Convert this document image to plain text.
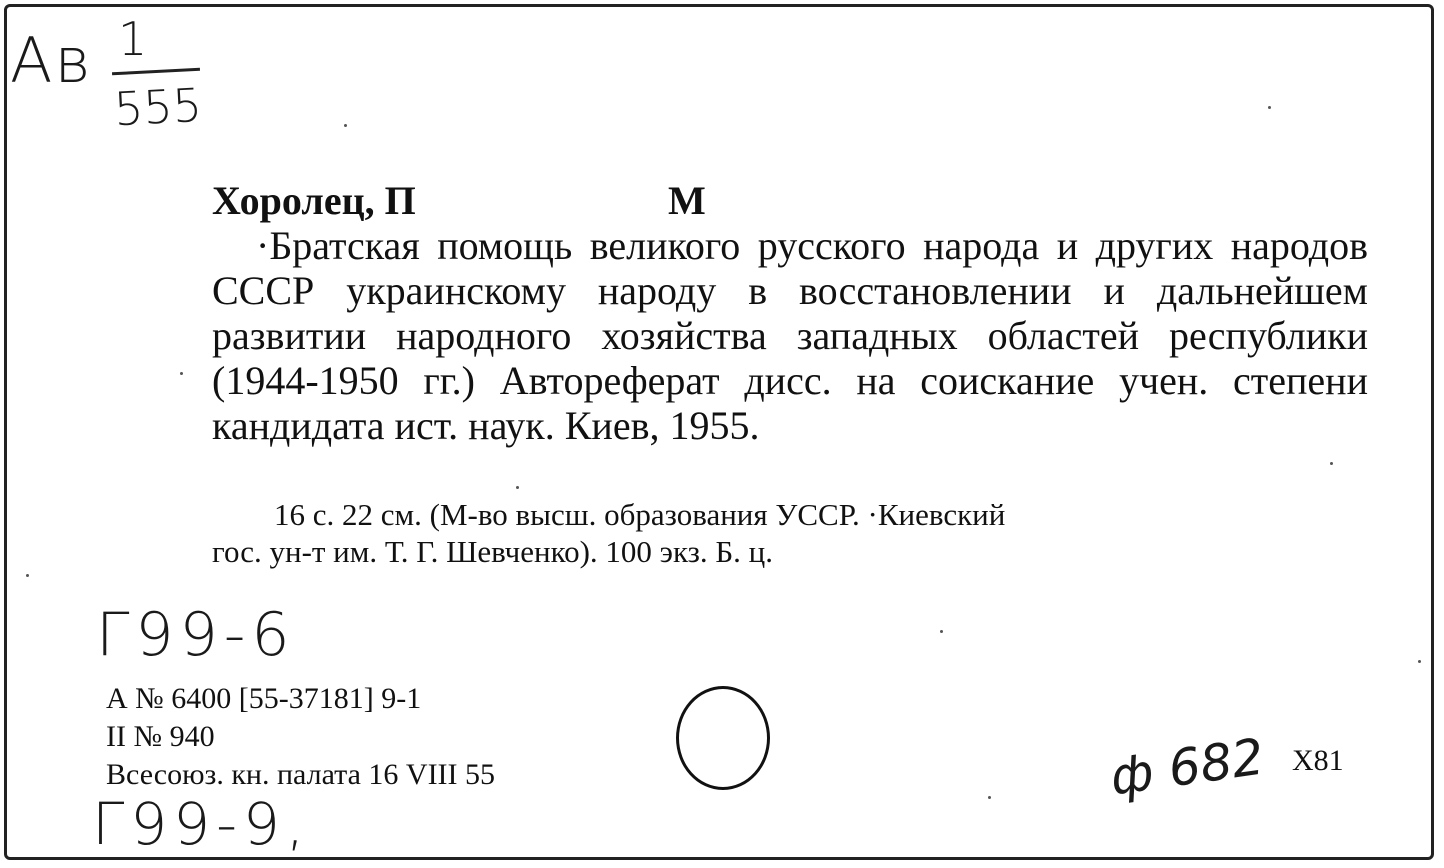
Ав 1
555
Хоролец, П	М

·Братская помощь великого русского народа и других народов СССР украинскому народу в восстановлении и дальнейшем развитии народного хозяйства западных областей республики (1944-1950 гг.) Автореферат дисс. на соискание учен. степени кандидата ист. наук. Киев, 1955.

16 с. 22 см. (М-во высш. образования УССР. ·Киевский
гос. ун-т им. Т. Г. Шевченко). 100 экз. Б. ц.
Г99-6
А № 6400 [55-37181] 9-1
II № 940
Всесоюз. кн. палата 16 VIII 55
Г99-9,
ф 682 X81
